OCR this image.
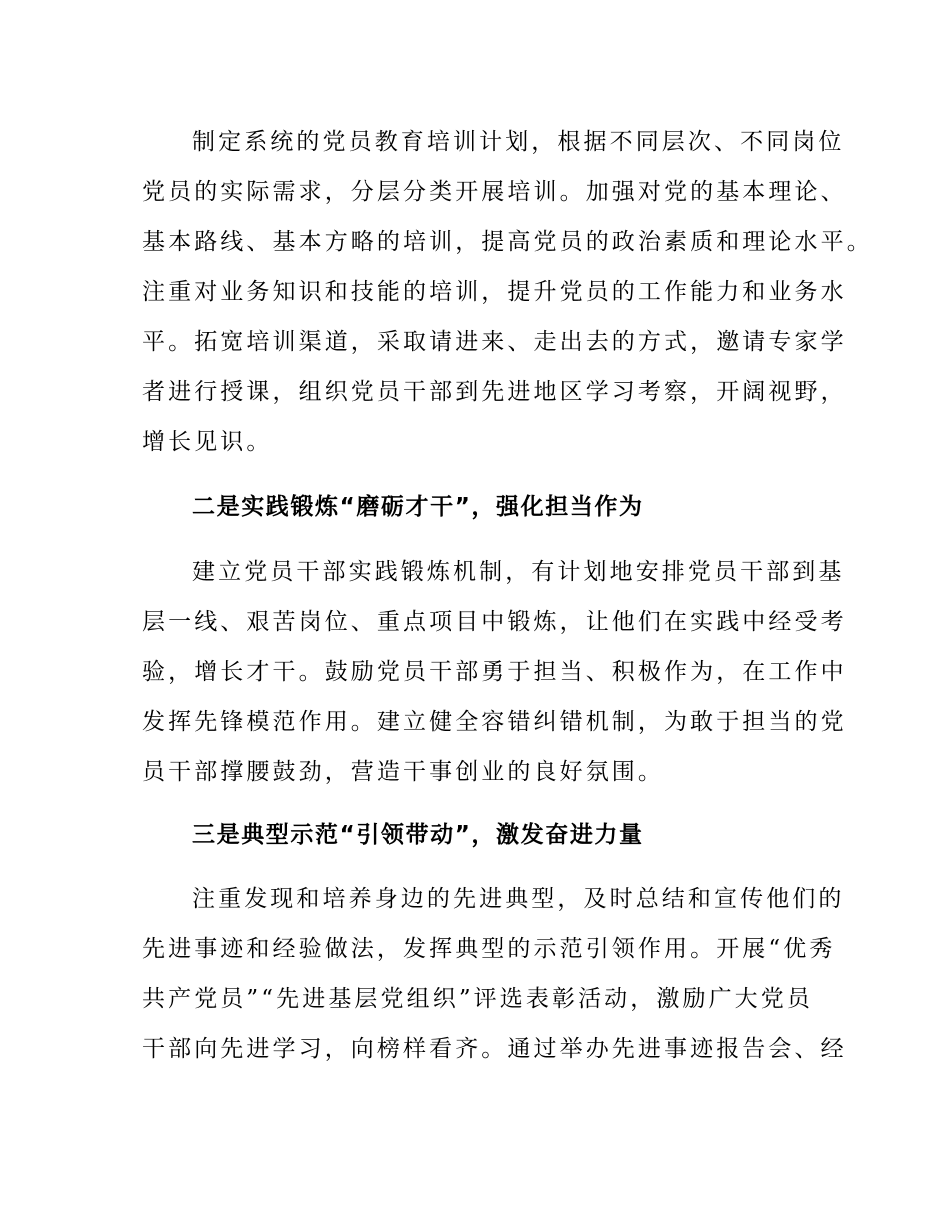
制定系统的党员教育培训计划，根据不同层次、不同岗位
党员的实际需求，分层分类开展培训。加强对党的基本理论、
基本路线、基本方略的培训，提高党员的政治素质和理论水平。
注重对业务知识和技能的培训，提升党员的工作能力和业务水
平。拓宽培训渠道，采取请进来、走出去的方式，邀请专家学
者进行授课，组织党员干部到先进地区学习考察，开阔视野，
增长见识。
二是实践锻炼“磨砺才干”，强化担当作为
建立党员干部实践锻炼机制，有计划地安排党员干部到基
层一线、艰苦岗位、重点项目中锻炼，让他们在实践中经受考
验，增长才干。鼓励党员干部勇于担当、积极作为，在工作中
发挥先锋模范作用。建立健全容错纠错机制，为敢于担当的党
员干部撑腰鼓劲，营造干事创业的良好氛围。
三是典型示范“引领带动”，激发奋进力量
注重发现和培养身边的先进典型，及时总结和宣传他们的
先进事迹和经验做法，发挥典型的示范引领作用。开展“优秀
共产党员”“先进基层党组织”评选表彰活动，激励广大党员
干部向先进学习，向榜样看齐。通过举办先进事迹报告会、经
